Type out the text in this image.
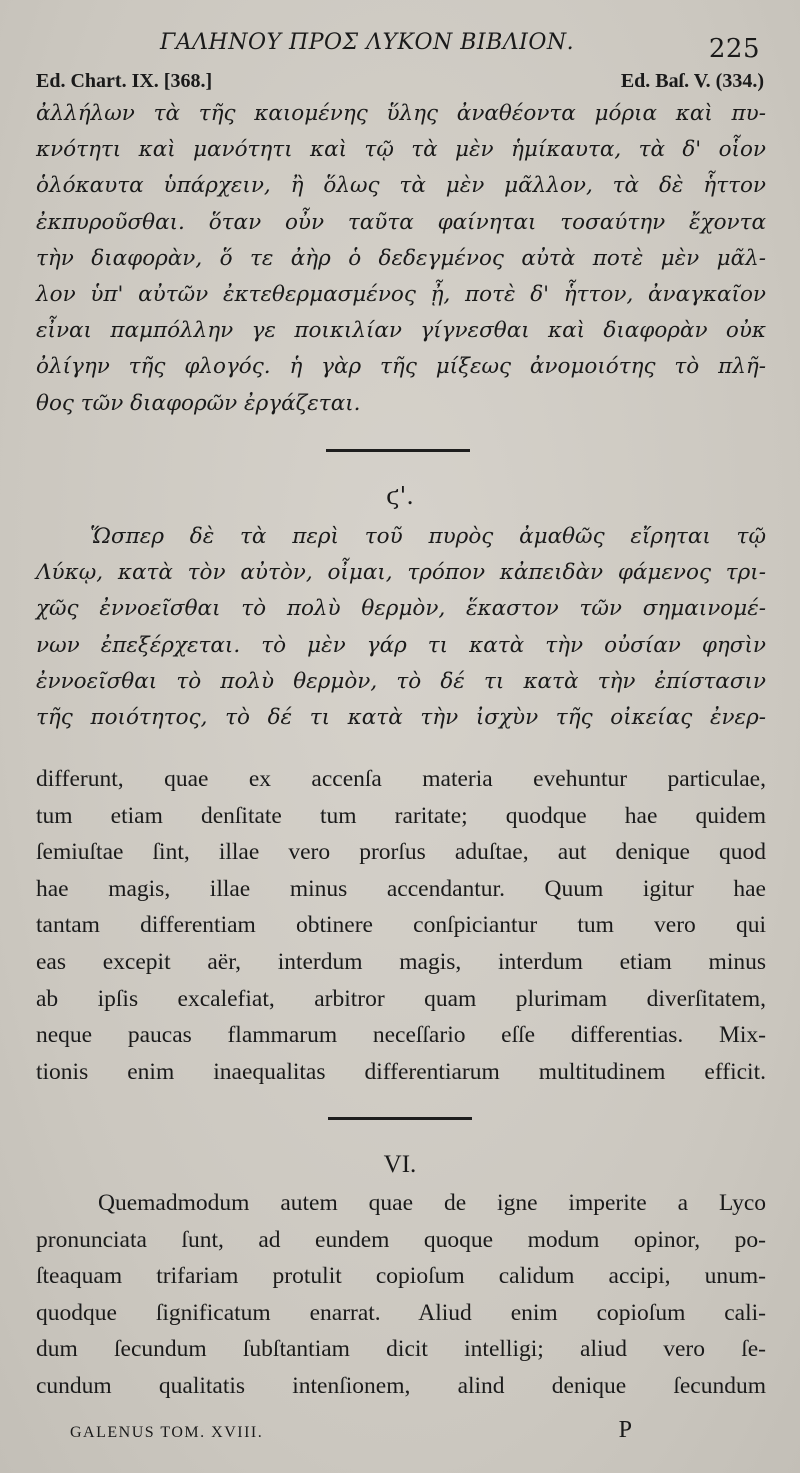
ΓΑΛΗΝΟΥ ΠΡΟΣ ΛΥΚΟΝ ΒΙΒΛΙΟΝ.	225
Ed. Chart. IX. [368.]	Ed. Baſ. V. (334.)
ἀλλήλων τὰ τῆς καιομένης ὕλης ἀναθέοντα μόρια καὶ πυ-
κνότητι καὶ μανότητι καὶ τῷ τὰ μὲν ἡμίκαυτα, τὰ δ' οἷον
ὁλόκαυτα ὑπάρχειν, ἢ ὅλως τὰ μὲν μᾶλλον, τὰ δὲ ἧττον
ἐκπυροῦσθαι. ὅταν οὖν ταῦτα φαίνηται τοσαύτην ἔχοντα
τὴν διαφορὰν, ὅ τε ἀὴρ ὁ δεδεγμένος αὐτὰ ποτὲ μὲν μᾶλ-
λον ὑπ' αὐτῶν ἐκτεθερμασμένος ᾖ, ποτὲ δ' ἧττον, ἀναγκαῖον
εἶναι παμπόλλην γε ποικιλίαν γίγνεσθαι καὶ διαφορὰν οὐκ
ὀλίγην τῆς φλογός. ἡ γὰρ τῆς μίξεως ἀνομοιότης τὸ πλῆ-
θος τῶν διαφορῶν ἐργάζεται.
ϛ'.
Ὥσπερ δὲ τὰ περὶ τοῦ πυρὸς ἀμαθῶς εἴρηται τῷ
Λύκῳ, κατὰ τὸν αὐτὸν, οἶμαι, τρόπον κἀπειδὰν φάμενος τρι-
χῶς ἐννοεῖσθαι τὸ πολὺ θερμὸν, ἕκαστον τῶν σημαινομέ-
νων ἐπεξέρχεται. τὸ μὲν γάρ τι κατὰ τὴν οὐσίαν φησὶν
ἐννοεῖσθαι τὸ πολὺ θερμὸν, τὸ δέ τι κατὰ τὴν ἐπίστασιν
τῆς ποιότητος, τὸ δέ τι κατὰ τὴν ἰσχὺν τῆς οἰκείας ἐνερ-
differunt, quae ex accenſa materia evehuntur particulae,
tum etiam denſitate tum raritate; quodque hae quidem
ſemiuſtae ſint, illae vero prorſus aduſtae, aut denique quod
hae magis, illae minus accendantur. Quum igitur hae
tantam differentiam obtinere conſpiciantur tum vero qui
eas excepit aër, interdum magis, interdum etiam minus
ab ipſis excalefiat, arbitror quam plurimam diverſitatem,
neque paucas flammarum neceſſario eſſe differentias. Mix-
tionis enim inaequalitas differentiarum multitudinem efficit.
VI.
Quemadmodum autem quae de igne imperite a Lyco
pronunciata ſunt, ad eundem quoque modum opinor, po-
ſteaquam trifariam protulit copioſum calidum accipi, unum-
quodque ſignificatum enarrat. Aliud enim copioſum cali-
dum ſecundum ſubſtantiam dicit intelligi; aliud vero ſe-
cundum qualitatis intenſionem, alind denique ſecundum
GALENUS TOM. XVIII.	P
